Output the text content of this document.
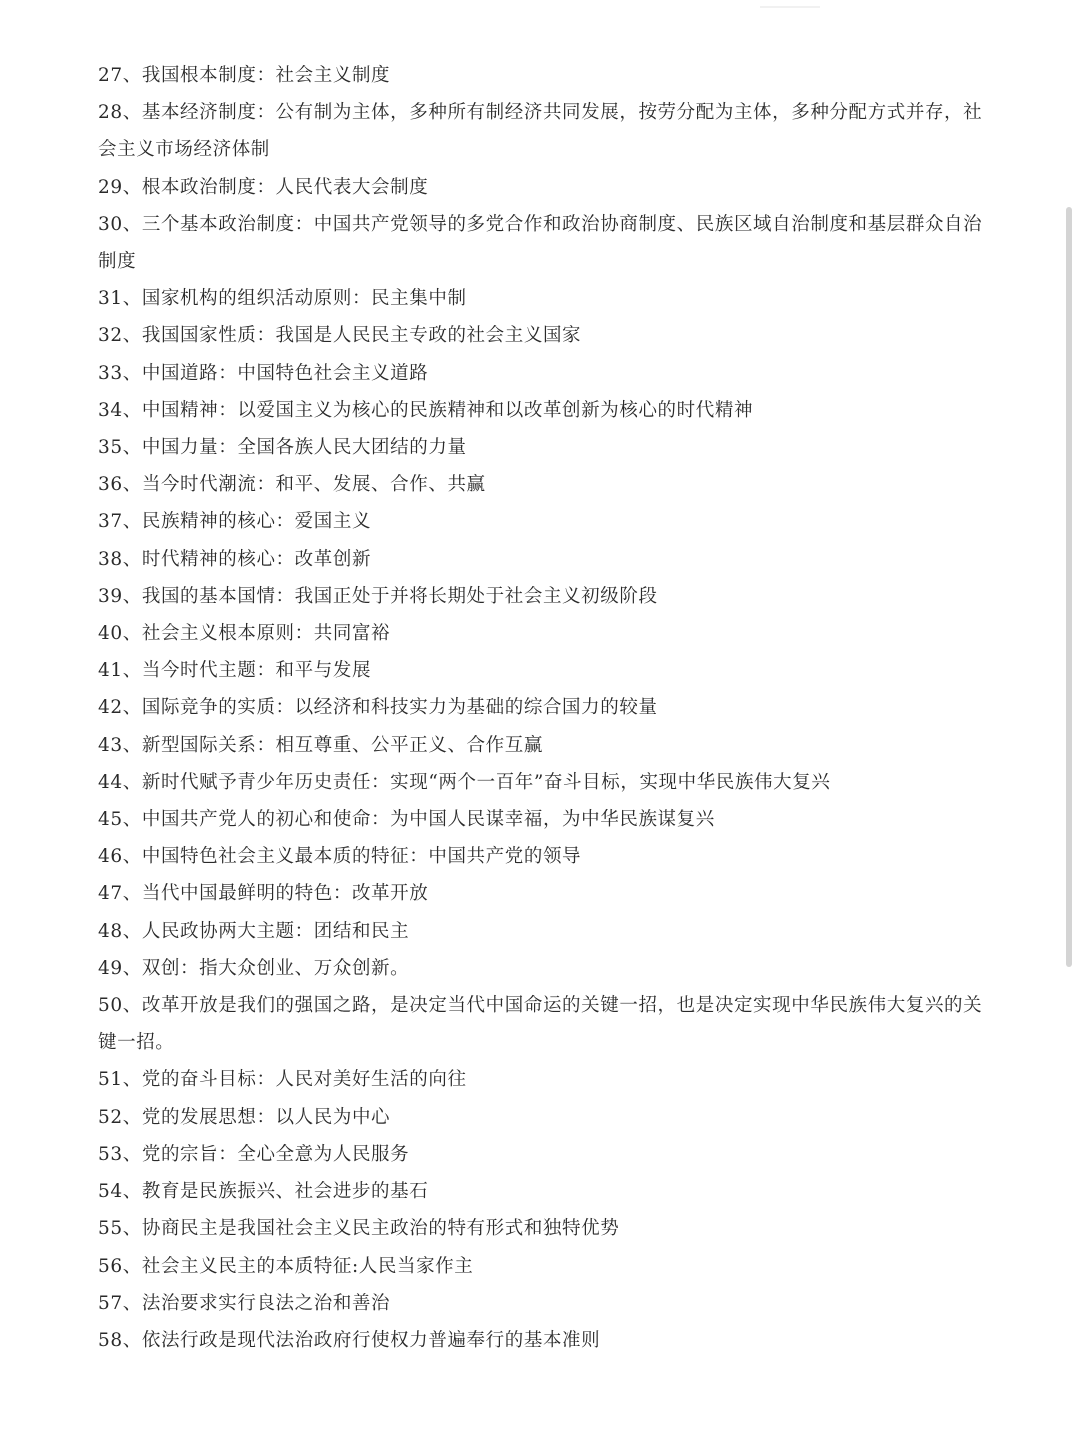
27、我国根本制度：社会主义制度
28、基本经济制度：公有制为主体，多种所有制经济共同发展，按劳分配为主体，多种分配方式并存，社会主义市场经济体制
29、根本政治制度：人民代表大会制度
30、三个基本政治制度：中国共产党领导的多党合作和政治协商制度、民族区域自治制度和基层群众自治制度
31、国家机构的组织活动原则：民主集中制
32、我国国家性质：我国是人民民主专政的社会主义国家
33、中国道路：中国特色社会主义道路
34、中国精神：以爱国主义为核心的民族精神和以改革创新为核心的时代精神
35、中国力量：全国各族人民大团结的力量
36、当今时代潮流：和平、发展、合作、共赢
37、民族精神的核心：爱国主义
38、时代精神的核心：改革创新
39、我国的基本国情：我国正处于并将长期处于社会主义初级阶段
40、社会主义根本原则：共同富裕
41、当今时代主题：和平与发展
42、国际竞争的实质：以经济和科技实力为基础的综合国力的较量
43、新型国际关系：相互尊重、公平正义、合作互赢
44、新时代赋予青少年历史责任：实现“两个一百年”奋斗目标，实现中华民族伟大复兴
45、中国共产党人的初心和使命：为中国人民谋幸福，为中华民族谋复兴
46、中国特色社会主义最本质的特征：中国共产党的领导
47、当代中国最鲜明的特色：改革开放
48、人民政协两大主题：团结和民主
49、双创：指大众创业、万众创新。
50、改革开放是我们的强国之路，是决定当代中国命运的关键一招，也是决定实现中华民族伟大复兴的关键一招。
51、党的奋斗目标：人民对美好生活的向往
52、党的发展思想：以人民为中心
53、党的宗旨：全心全意为人民服务
54、教育是民族振兴、社会进步的基石
55、协商民主是我国社会主义民主政治的特有形式和独特优势
56、社会主义民主的本质特征:人民当家作主
57、法治要求实行良法之治和善治
58、依法行政是现代法治政府行使权力普遍奉行的基本准则
